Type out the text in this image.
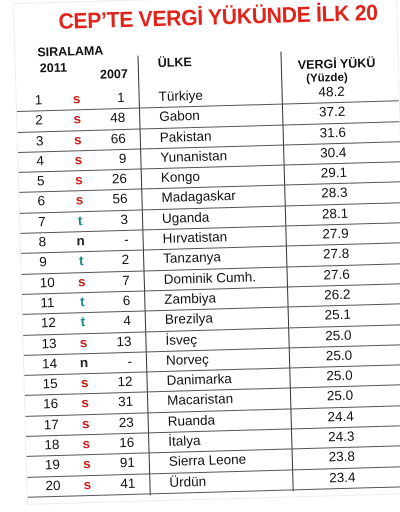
CEP’TE VERGİ YÜKÜNDE İLK 20
SIRALAMA
2011	2007
ÜLKE	VERGİ YÜKÜ
(Yüzde)
1	s	1 Türkiye	48.2
2	s	48 Gabon	37.2
3	s	66 Pakistan	31.6
4	s	9 Yunanistan	30.4
5	s	26 Kongo	29.1
6	s	56 Madagaskar	28.3
7	t	3 Uganda	28.1
8	n	- Hırvatistan	27.9
9	t	2 Tanzanya	27.8
10	s	7 Dominik Cumh.	27.6
11	t	6 Zambiya	26.2
12	t	4 Brezilya	25.1
13	s	13 İsveç	25.0
14	n	- Norveç	25.0
15	s	12 Danimarka	25.0
16	s	31 Macaristan	25.0
17	s	23 Ruanda	24.4
18	s	16 İtalya	24.3
19	s	91 Sierra Leone	23.8
20	s	41 Ürdün	23.4
